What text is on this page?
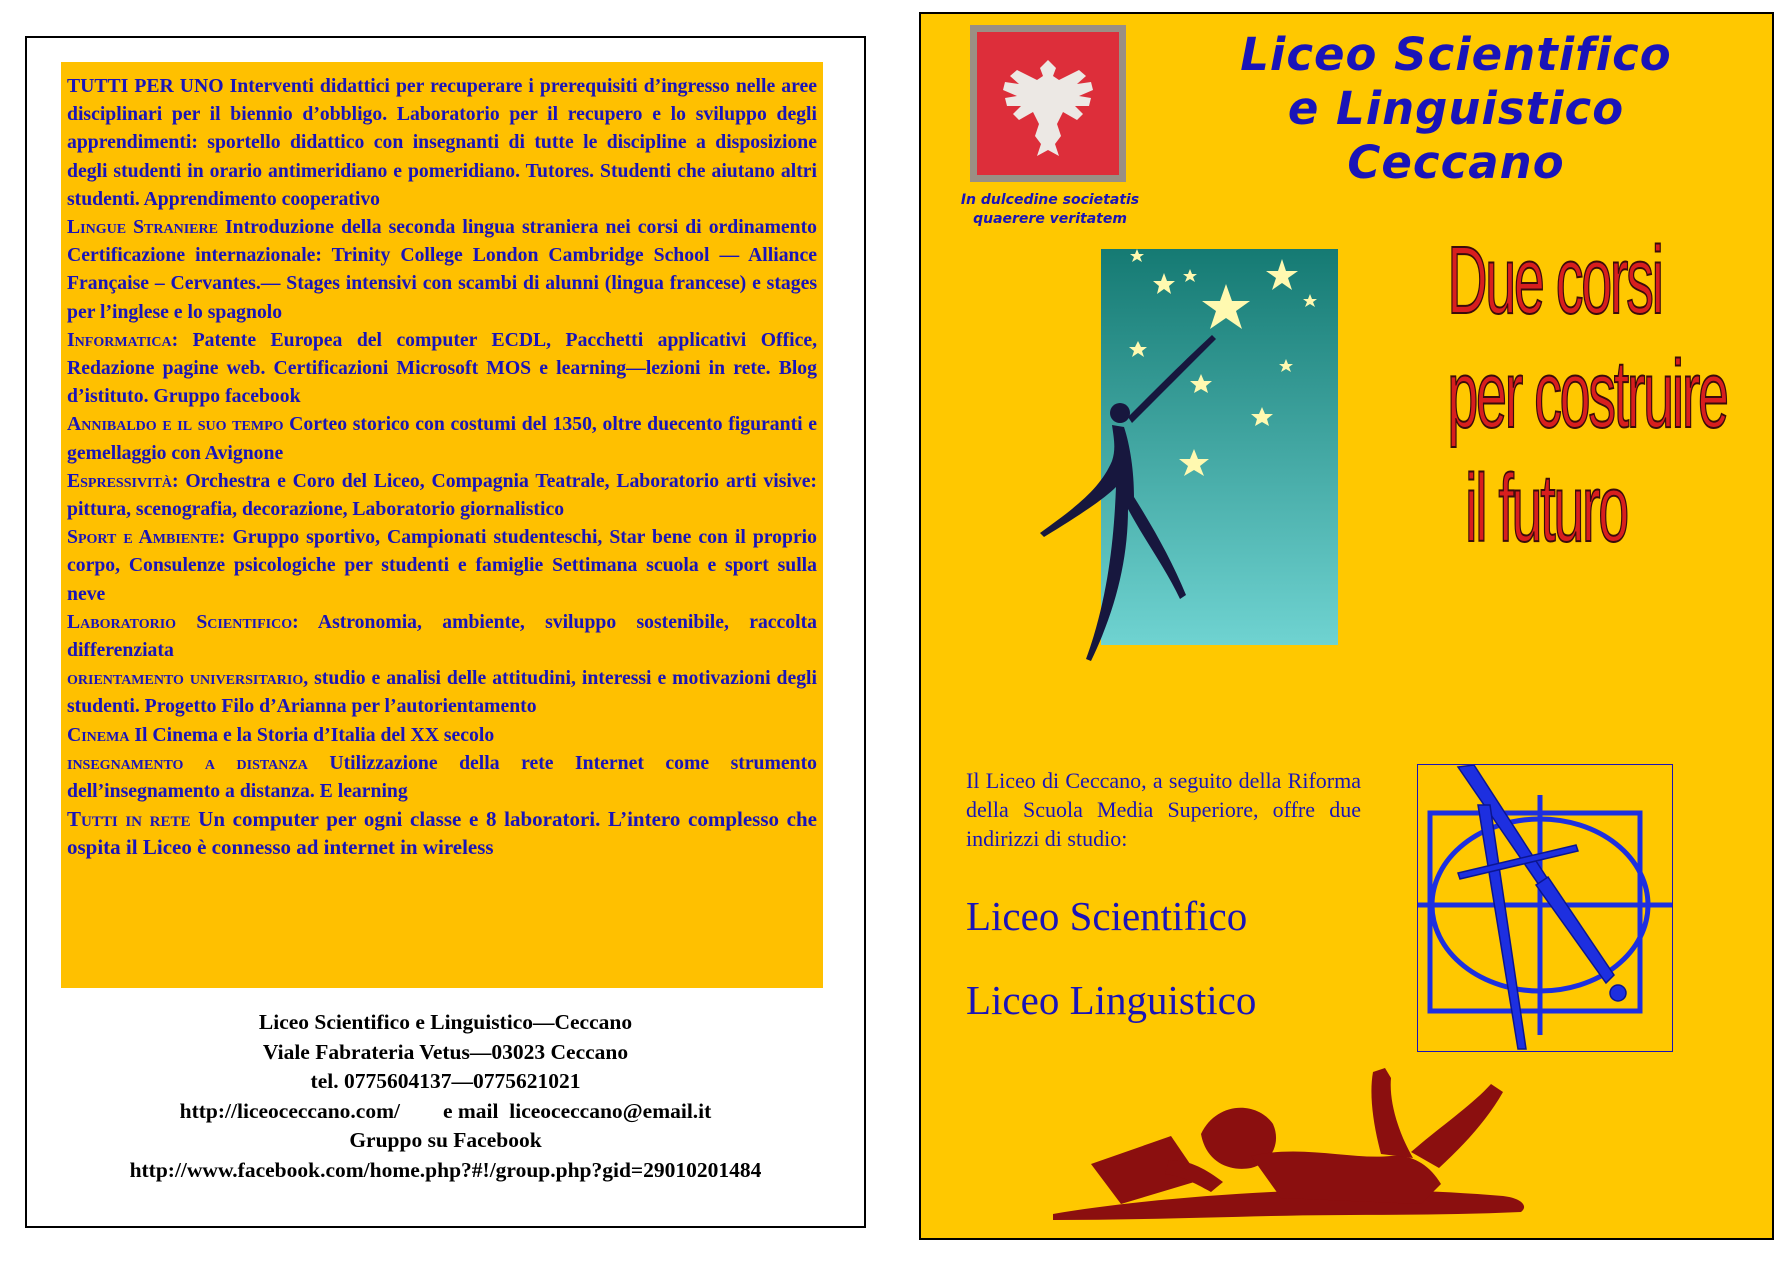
TUTTI PER UNO Interventi didattici per recuperare i prerequisiti d’ingresso nelle aree disciplinari per il biennio d’obbligo. Laboratorio per il recupero e lo sviluppo degli apprendimenti: sportello didattico con insegnanti di tutte le discipline a disposizione degli studenti in orario antimeridiano e pomeridiano. Tutores. Studenti che aiutano altri studenti. Apprendimento cooperativo

Lingue Straniere Introduzione della seconda lingua straniera nei corsi di ordinamento Certificazione internazionale: Trinity College London Cambridge School — Alliance Française – Cervantes.— Stages intensivi con scambi di alunni (lingua francese) e stages per l’inglese e lo spagnolo

Informatica: Patente Europea del computer ECDL, Pacchetti applicativi Office, Redazione pagine web. Certificazioni Microsoft MOS e learning—lezioni in rete. Blog d’istituto. Gruppo facebook

Annibaldo e il suo tempo Corteo storico con costumi del 1350, oltre duecento figuranti e gemellaggio con Avignone

Espressività: Orchestra e Coro del Liceo, Compagnia Teatrale, Laboratorio arti visive: pittura, scenografia, decorazione, Laboratorio giornalistico

Sport e Ambiente: Gruppo sportivo, Campionati studenteschi, Star bene con il proprio corpo, Consulenze psicologiche per studenti e famiglie Settimana scuola e sport sulla neve

Laboratorio Scientifico: Astronomia, ambiente, sviluppo sostenibile, raccolta differenziata

orientamento universitario, studio e analisi delle attitudini, interessi e motivazioni degli studenti. Progetto Filo d’Arianna per l’autorientamento

Cinema Il Cinema e la Storia d’Italia del XX secolo

insegnamento a distanza Utilizzazione della rete Internet come strumento dell’insegnamento a distanza. E learning

Tutti in rete Un computer per ogni classe e 8 laboratori. L’intero complesso che ospita il Liceo è connesso ad internet in wireless

Liceo Scientifico e Linguistico—Ceccano
Viale Fabrateria Vetus—03023 Ceccano
tel. 0775604137—0775621021
http://liceoceccano.com/ e mail liceoceccano@email.it
Gruppo su Facebook
http://www.facebook.com/home.php?#!/group.php?gid=29010201484
In dulcedine societatis
quaerere veritatem
Liceo Scientifico
e Linguistico
Ceccano
Due corsi
per costruire
il futuro
Il Liceo di Ceccano, a seguito della Riforma della Scuola Media Superiore, offre due indirizzi di studio:
Liceo Scientifico
Liceo Linguistico
